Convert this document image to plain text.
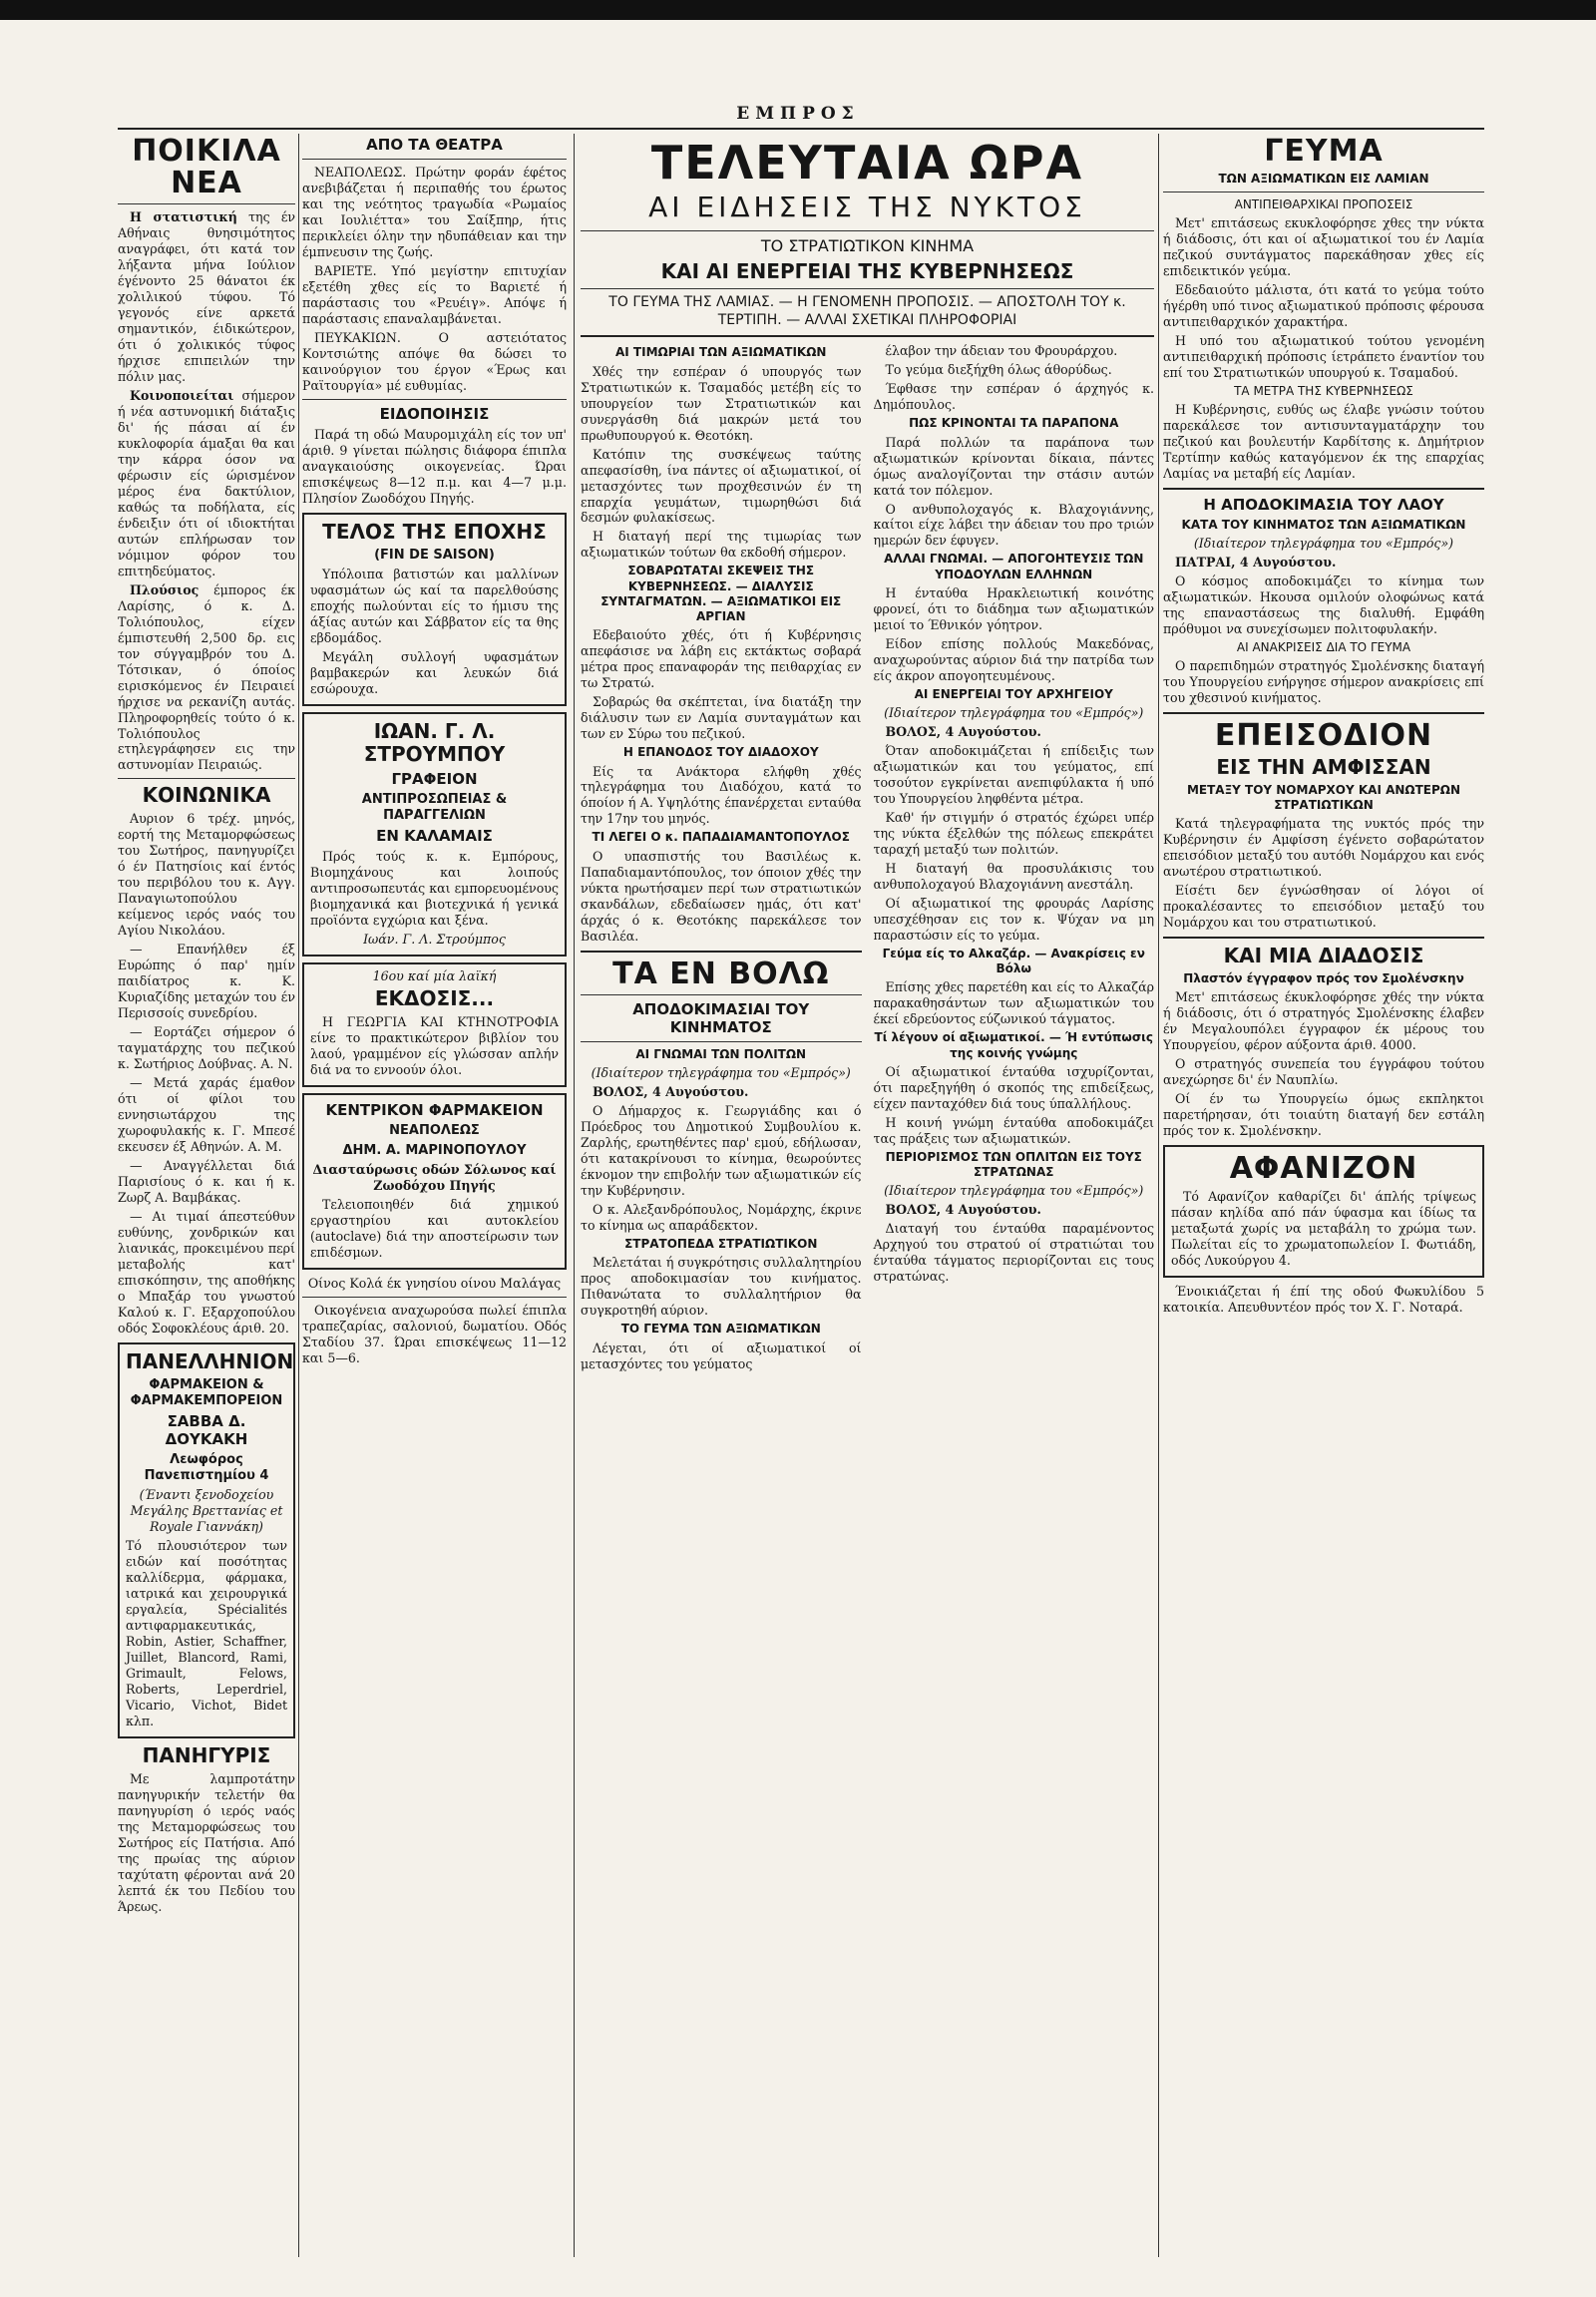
ΕΜΠΡΟΣ
ΠΟΙΚΙΛΑ ΝΕΑ

Η στατιστική της έν Αθήναις θνησιμότητος αναγράφει, ότι κατά τον λήξαντα μήνα Ιούλιον έγένοντο 25 θάνατοι έκ χολιλικού τύφου. Τό γεγονός είνε αρκετά σημαντικόν, έιδικώτερον, ότι ό χολικικός τύφος ήρχισε επιπειλών την πόλιν μας.

Κοινοποιείται σήμερον ή νέα αστυνομική διάταξις δι' ής πάσαι αί έν κυκλοφορία άμαξαι θα και την κάρρα όσον να φέρωσιν είς ώρισμένον μέρος ένα δακτύλιον, καθώς τα ποδήλατα, είς ένδειξιν ότι οί ιδιοκτήται αυτών επλήρωσαν τον νόμιμον φόρον του επιτηδεύματος.

Πλούσιος έμπορος έκ Λαρίσης, ό κ. Δ. Τολιόπουλος, είχεν έμπιστευθή 2,500 δρ. εις τον σύγγαμβρόν του Δ. Τότσικαν, ό όποίος ειρισκόμενος έν Πειραιεί ήρχισε να ρεκανίζη αυτάς. Πληροφορηθείς τούτο ό κ. Τολιόπουλος ετηλεγράφησεν εις την αστυνομίαν Πειραιώς.

ΚΟΙΝΩΝΙΚΑ

Αυριον 6 τρέχ. μηνός, εορτή της Μεταμορφώσεως του Σωτήρος, πανηγυρίζει ό έν Πατησίοις καί έντός του περιβόλου του κ. Αγγ. Παναγιωτοπούλου κείμενος ιερός ναός του Αγίου Νικολάου.

— Επανήλθεν έξ Ευρώπης ό παρ' ημίν παιδίατρος κ. Κ. Κυριαζίδης μεταχών του έν Περισσοίς συνεδρίου.

— Εορτάζει σήμερον ό ταγματάρχης του πεζικού κ. Σωτήριος Δούβνας. Α. Ν.

— Μετά χαράς έμαθον ότι οί φίλοι του εννησιωτάρχου της χωροφυλακής κ. Γ. Μπεσέ εκευσεν έξ Αθηνών. Α. Μ.

— Αναγγέλλεται διά Παρισίους ό κ. και ή κ. Ζωρζ Α. Βαμβάκας.

— Αι τιμαί άπεστεύθυν ευθύνης, χονδρικών και λιανικάς, προκειμένου περί μεταβολής κατ' επισκόπησιν, της αποθήκης ο Μπαξάρ του γνωστού Καλού κ. Γ. Εξαρχοπούλου οδός Σοφοκλέους άριθ. 20.

ΠΑΝΕΛΛΗΝΙΟΝ
ΦΑΡΜΑΚΕΙΟΝ & ΦΑΡΜΑΚΕΜΠΟΡΕΙΟΝ
ΣΑΒΒΑ Δ. ΔΟΥΚΑΚΗ
Λεωφόρος Πανεπιστημίου 4

(Έναντι ξενοδοχείου Μεγάλης Βρεττανίας et Royale Γιαννάκη)

Τό πλουσιότερον των ειδών καί ποσότητας καλλίδερμα, φάρμακα, ιατρικά και χειρουργικά εργαλεία, Spécialités αντιφαρμακευτικάς, Robin, Astier, Schaffner, Juillet, Blancord, Rami, Grimault, Felows, Roberts, Leperdriel, Vicario, Vichot, Bidet κλπ.

ΠΑΝΗΓΥΡΙΣ

Με λαμπροτάτην πανηγυρικήν τελετήν θα πανηγυρίση ό ιερός ναός της Μεταμορφώσεως του Σωτήρος είς Πατήσια. Από της πρωίας της αύριον ταχύτατη φέρονται ανά 20 λεπτά έκ του Πεδίου του Άρεως.

ΑΠΟ ΤΑ ΘΕΑΤΡΑ

ΝΕΑΠΟΛΕΩΣ. Πρώτην φοράν έφέτος ανεβιβάζεται ή περιπαθής του έρωτος και της νεότητος τραγωδία «Ρωμαίος και Ιουλιέττα» του Σαίξπηρ, ήτις περικλείει όλην την ηδυπάθειαν και την έμπνευσιν της ζωής.

ΒΑΡΙΕΤΕ. Υπό μεγίστην επιτυχίαν εξετέθη χθες είς το Βαριετέ ή παράστασις του «Ρευέιγ». Απόψε ή παράστασις επαναλαμβάνεται.

ΠΕΥΚΑΚΙΩΝ. Ο αστειότατος Κοντσιώτης απόψε θα δώσει το καινούργιον του έργον «Έρως και Ραϊτουργία» μέ ευθυμίας.

ΕΙΔΟΠΟΙΗΣΙΣ

Παρά τη οδώ Μαυρομιχάλη είς τον υπ' άριθ. 9 γίνεται πώλησις διάφορα έπιπλα αναγκαιούσης οικογενείας. Ώραι επισκέψεως 8—12 π.μ. και 4—7 μ.μ. Πλησίον Ζωοδόχου Πηγής.

ΤΕΛΟΣ ΤΗΣ ΕΠΟΧΗΣ
(FIN DE SAISON)

Υπόλοιπα βατιστών και μαλλίνων υφασμάτων ώς καί τα παρελθούσης εποχής πωλούνται είς το ήμισυ της άξίας αυτών και Σάββατον είς τα θης εβδομάδος.

Μεγάλη συλλογή υφασμάτων βαμβακερών και λευκών διά εσώρουχα.

ΙΩΑΝ. Γ. Λ. ΣΤΡΟΥΜΠΟΥ
ΓΡΑΦΕΙΟΝ
ΑΝΤΙΠΡΟΣΩΠΕΙΑΣ & ΠΑΡΑΓΓΕΛΙΩΝ
ΕΝ ΚΑΛΑΜΑΙΣ

Πρός τούς κ. κ. Εμπόρους, Βιομηχάνους και λοιπούς αντιπροσωπευτάς και εμπορευομένους βιομηχανικά και βιοτεχνικά ή γενικά προϊόντα εγχώρια και ξένα.

Ιωάν. Γ. Λ. Στρούμπος

16ου καί μία λαϊκή

ΕΚΔΟΣΙΣ...

Η ΓΕΩΡΓΙΑ ΚΑΙ ΚΤΗΝΟΤΡΟΦΙΑ είνε το πρακτικώτερον βιβλίον του λαού, γραμμένον είς γλώσσαν απλήν διά να το εννοούν όλοι.

ΚΕΝΤΡΙΚΟΝ ΦΑΡΜΑΚΕΙΟΝ
ΝΕΑΠΟΛΕΩΣ
ΔΗΜ. Α. ΜΑΡΙΝΟΠΟΥΛΟΥ

Διασταύρωσις οδών Σόλωνος καί Ζωοδόχου Πηγής

Τελειοποιηθέν διά χημικού εργαστηρίου και αυτοκλείου (autoclave) διά την αποστείρωσιν των επιδέσμων.

Οίνος Κολά έκ γνησίου οίνου Μαλάγας

Οικογένεια αναχωρούσα πωλεί έπιπλα τραπεζαρίας, σαλονιού, δωματίου. Οδός Σταδίου 37. Ώραι επισκέψεως 11—12 και 5—6.

ΤΕΛΕΥΤΑΙΑ ΩΡΑ
ΑΙ ΕΙΔΗΣΕΙΣ ΤΗΣ ΝΥΚΤΟΣ
ΤΟ ΣΤΡΑΤΙΩΤΙΚΟΝ ΚΙΝΗΜΑ
ΚΑΙ ΑΙ ΕΝΕΡΓΕΙΑΙ ΤΗΣ ΚΥΒΕΡΝΗΣΕΩΣ
ΤΟ ΓΕΥΜΑ ΤΗΣ ΛΑΜΙΑΣ. — Η ΓΕΝΟΜΕΝΗ ΠΡΟΠΟΣΙΣ. — ΑΠΟΣΤΟΛΗ ΤΟΥ κ. ΤΕΡΤΙΠΗ. — ΑΛΛΑΙ ΣΧΕΤΙΚΑΙ ΠΛΗΡΟΦΟΡΙΑΙ
ΑΙ ΤΙΜΩΡΙΑΙ ΤΩΝ ΑΞΙΩΜΑΤΙΚΩΝ

Χθές την εσπέραν ό υπουργός των Στρατιωτικών κ. Τσαμαδός μετέβη είς το υπουργείον των Στρατιωτικών και συνεργάσθη διά μακρών μετά του πρωθυπουργού κ. Θεοτόκη.

Κατόπιν της συσκέψεως ταύτης απεφασίσθη, ίνα πάντες οί αξιωματικοί, οί μετασχόντες των προχθεσινών έν τη επαρχία γευμάτων, τιμωρηθώσι διά δεσμών φυλακίσεως.

Η διαταγή περί της τιμωρίας των αξιωματικών τούτων θα εκδοθή σήμερον.

ΣΟΒΑΡΩΤΑΤΑΙ ΣΚΕΨΕΙΣ ΤΗΣ ΚΥΒΕΡΝΗΣΕΩΣ. — ΔΙΑΛΥΣΙΣ ΣΥΝΤΑΓΜΑΤΩΝ. — ΑΞΙΩΜΑΤΙΚΟΙ ΕΙΣ ΑΡΓΙΑΝ

Εδεβαιούτο χθές, ότι ή Κυβέρνησις απεφάσισε να λάβη εις εκτάκτως σοβαρά μέτρα προς επαναφοράν της πειθαρχίας εν τω Στρατώ.

Σοβαρώς θα σκέπτεται, ίνα διατάξη την διάλυσιν των εν Λαμία συνταγμάτων και των εν Σύρω του πεζικού.

Η ΕΠΑΝΟΔΟΣ ΤΟΥ ΔΙΑΔΟΧΟΥ

Είς τα Ανάκτορα ελήφθη χθές τηλεγράφημα του Διαδόχου, κατά το όποίον ή Α. Υψηλότης έπανέρχεται ενταύθα την 17ην του μηνός.

ΤΙ ΛΕΓΕΙ Ο κ. ΠΑΠΑΔΙΑΜΑΝΤΟΠΟΥΛΟΣ

Ο υπασπιστής του Βασιλέως κ. Παπαδιαμαντόπουλος, τον όποιον χθές την νύκτα ηρωτήσαμεν περί των στρατιωτικών σκανδάλων, εδεδαίωσεν ημάς, ότι κατ' άρχάς ό κ. Θεοτόκης παρεκάλεσε τον Βασιλέα.

ΤΑ ΕΝ ΒΟΛΩ
ΑΠΟΔΟΚΙΜΑΣΙΑΙ ΤΟΥ ΚΙΝΗΜΑΤΟΣ
ΑΙ ΓΝΩΜΑΙ ΤΩΝ ΠΟΛΙΤΩΝ

(Ιδιαίτερον τηλεγράφημα του «Εμπρός»)

ΒΟΛΟΣ, 4 Αυγούστου.

Ο Δήμαρχος κ. Γεωργιάδης και ό Πρόεδρος του Δημοτικού Συμβουλίου κ. Ζαρλής, ερωτηθέντες παρ' εμού, εδήλωσαν, ότι κατακρίνουσι το κίνημα, θεωρούντες έκνομον την επιβολήν των αξιωματικών είς την Κυβέρνησιν.

Ο κ. Αλεξανδρόπουλος, Νομάρχης, έκρινε το κίνημα ως απαράδεκτον.

ΣΤΡΑΤΟΠΕΔΑ ΣΤΡΑΤΙΩΤΙΚΟΝ

Μελετάται ή συγκρότησις συλλαλητηρίου προς αποδοκιμασίαν του κινήματος. Πιθανώτατα το συλλαλητήριον θα συγκροτηθή αύριον.

ΤΟ ΓΕΥΜΑ ΤΩΝ ΑΞΙΩΜΑΤΙΚΩΝ

Λέγεται, ότι οί αξιωματικοί οί μετασχόντες του γεύματος

έλαβον την άδειαν του Φρουράρχου.

Το γεύμα διεξήχθη όλως άθορύδως.

Έφθασε την εσπέραν ό άρχηγός κ. Δημόπουλος.

ΠΩΣ ΚΡΙΝΟΝΤΑΙ ΤΑ ΠΑΡΑΠΟΝΑ

Παρά πολλών τα παράπονα των αξιωματικών κρίνονται δίκαια, πάντες όμως αναλογίζονται την στάσιν αυτών κατά τον πόλεμον.

Ο ανθυπολοχαγός κ. Βλαχογιάννης, καίτοι είχε λάβει την άδειαν του προ τριών ημερών δεν έφυγεν.

ΑΛΛΑΙ ΓΝΩΜΑΙ. — ΑΠΟΓΟΗΤΕΥΣΙΣ ΤΩΝ ΥΠΟΔΟΥΛΩΝ ΕΛΛΗΝΩΝ

Η ένταύθα Ηρακλειωτική κοινότης φρονεί, ότι το διάδημα των αξιωματικών μειοί το Έθνικόν γόητρον.

Είδον επίσης πολλούς Μακεδόνας, αναχωρούντας αύριον διά την πατρίδα των είς άκρον απογοητευμένους.

ΑΙ ΕΝΕΡΓΕΙΑΙ ΤΟΥ ΑΡΧΗΓΕΙΟΥ

(Ιδιαίτερον τηλεγράφημα του «Εμπρός»)

ΒΟΛΟΣ, 4 Αυγούστου.

Όταν αποδοκιμάζεται ή επίδειξις των αξιωματικών και του γεύματος, επί τοσούτον εγκρίνεται ανεπιφύλακτα ή υπό του Υπουργείου ληφθέντα μέτρα.

Καθ' ήν στιγμήν ό στρατός έχώρει υπέρ της νύκτα έξελθών της πόλεως επεκράτει ταραχή μεταξύ των πολιτών.

Η διαταγή θα προσυλάκισις του ανθυπολοχαγού Βλαχογιάννη ανεστάλη.

Οί αξιωματικοί της φρουράς Λαρίσης υπεσχέθησαν εις τον κ. Ψύχαν να μη παραστώσιν είς το γεύμα.

Γεύμα είς το Αλκαζάρ. — Ανακρίσεις εν Βόλω

Επίσης χθες παρετέθη και είς το Αλκαζάρ παρακαθησάντων των αξιωματικών του έκεί εδρεύοντος εύζωνικού τάγματος.

Τί λέγουν οί αξιωματικοί. — Ή εντύπωσις της κοινής γνώμης

Οί αξιωματικοί ένταύθα ισχυρίζονται, ότι παρεξηγήθη ό σκοπός της επιδείξεως, είχεν πανταχόθεν διά τους ύπαλλήλους.

Η κοινή γνώμη ένταύθα αποδοκιμάζει τας πράξεις των αξιωματικών.

ΠΕΡΙΟΡΙΣΜΟΣ ΤΩΝ ΟΠΛΙΤΩΝ ΕΙΣ ΤΟΥΣ ΣΤΡΑΤΩΝΑΣ

(Ιδιαίτερον τηλεγράφημα του «Εμπρός»)

ΒΟΛΟΣ, 4 Αυγούστου.

Διαταγή του ένταύθα παραμένοντος Αρχηγού του στρατού οί στρατιώται του ένταύθα τάγματος περιορίζονται εις τους στρατώνας.

ΓΕΥΜΑ
ΤΩΝ ΑΞΙΩΜΑΤΙΚΩΝ ΕΙΣ ΛΑΜΙΑΝ
ΑΝΤΙΠΕΙΘΑΡΧΙΚΑΙ ΠΡΟΠΟΣΕΙΣ

Μετ' επιτάσεως εκυκλοφόρησε χθες την νύκτα ή διάδοσις, ότι και οί αξιωματικοί του έν Λαμία πεζικού συντάγματος παρεκάθησαν χθες είς επιδεικτικόν γεύμα.

Εδεδαιούτο μάλιστα, ότι κατά το γεύμα τούτο ήγέρθη υπό τινος αξιωματικού πρόποσις φέρουσα αντιπειθαρχικόν χαρακτήρα.

Η υπό του αξιωματικού τούτου γενομένη αντιπειθαρχική πρόποσις ίετράπετο έναντίον του επί του Στρατιωτικών υπουργού κ. Τσαμαδού.

ΤΑ ΜΕΤΡΑ ΤΗΣ ΚΥΒΕΡΝΗΣΕΩΣ

Η Κυβέρνησις, ευθύς ως έλαβε γνώσιν τούτου παρεκάλεσε τον αντισυνταγματάρχην του πεζικού και βουλευτήν Καρδίτσης κ. Δημήτριον Τερτίπην καθώς καταγόμενον έκ της επαρχίας Λαμίας να μεταβή είς Λαμίαν.

Η ΑΠΟΔΟΚΙΜΑΣΙΑ ΤΟΥ ΛΑΟΥ
ΚΑΤΑ ΤΟΥ ΚΙΝΗΜΑΤΟΣ ΤΩΝ ΑΞΙΩΜΑΤΙΚΩΝ

(Ιδιαίτερον τηλεγράφημα του «Εμπρός»)

ΠΑΤΡΑΙ, 4 Αυγούστου.

Ο κόσμος αποδοκιμάζει το κίνημα των αξιωματικών. Ηκουσα ομιλούν ολοφώνως κατά της επαναστάσεως της διαλυθή. Εμφάθη πρόθυμοι να συνεχίσωμεν πολιτοφυλακήν.

ΑΙ ΑΝΑΚΡΙΣΕΙΣ ΔΙΑ ΤΟ ΓΕΥΜΑ

Ο παρεπιδημών στρατηγός Σμολένσκης διαταγή του Υπουργείου ενήργησε σήμερον ανακρίσεις επί του χθεσινού κινήματος.

ΕΠΕΙΣΟΔΙΟΝ
ΕΙΣ ΤΗΝ ΑΜΦΙΣΣΑΝ
ΜΕΤΑΞΥ ΤΟΥ ΝΟΜΑΡΧΟΥ ΚΑΙ ΑΝΩΤΕΡΩΝ ΣΤΡΑΤΙΩΤΙΚΩΝ

Κατά τηλεγραφήματα της νυκτός πρός την Κυβέρνησιν έν Αμφίσση έγένετο σοβαρώτατον επεισόδιον μεταξύ του αυτόθι Νομάρχου και ενός ανωτέρου στρατιωτικού.

Είσέτι δεν έγνώσθησαν οί λόγοι οί προκαλέσαντες το επεισόδιον μεταξύ του Νομάρχου και του στρατιωτικού.

ΚΑΙ ΜΙΑ ΔΙΑΔΟΣΙΣ
Πλαστόν έγγραφον πρός τον Σμολένσκην

Μετ' επιτάσεως έκυκλοφόρησε χθές την νύκτα ή διάδοσις, ότι ό στρατηγός Σμολένσκης έλαβεν έν Μεγαλουπόλει έγγραφον έκ μέρους του Υπουργείου, φέρον αύξοντα άριθ. 4000.

Ο στρατηγός συνεπεία του έγγράφου τούτου ανεχώρησε δι' έν Ναυπλίω.

Οί έν τω Υπουργείω όμως εκπληκτοι παρετήρησαν, ότι τοιαύτη διαταγή δεν εστάλη πρός τον κ. Σμολένσκην.

ΑΦΑΝΙΖΟΝ

Τό Αφανίζον καθαρίζει δι' άπλής τρίψεως πάσαν κηλίδα από πάν ύφασμα και ίδίως τα μεταξωτά χωρίς να μεταβάλη το χρώμα των. Πωλείται είς το χρωματοπωλείον Ι. Φωτιάδη, οδός Λυκούργου 4.

Ένοικιάζεται ή έπί της οδού Φωκυλίδου 5 κατοικία. Απευθυντέον πρός τον Χ. Γ. Νοταρά.
